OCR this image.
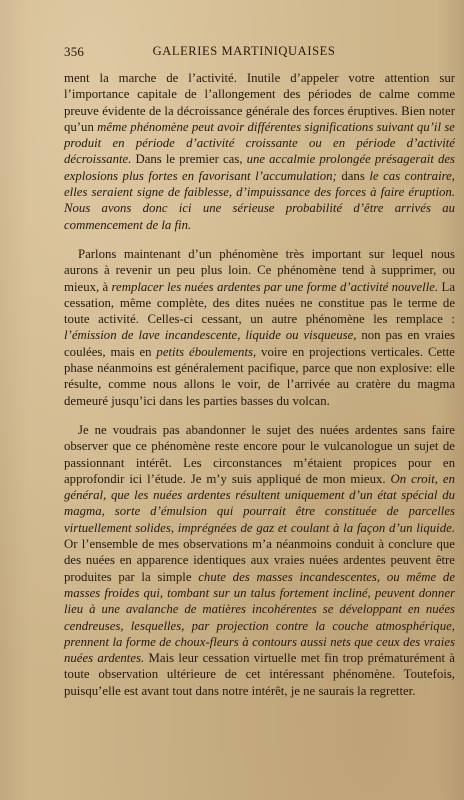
356	GALERIES MARTINIQUAISES

ment la marche de l’activité. Inutile d’appeler votre attention sur l’importance capitale de l’allongement des périodes de calme comme preuve évidente de la décroissance générale des forces éruptives. Bien noter qu’un même phénomène peut avoir différentes significations suivant qu’il se produit en période d’activité croissante ou en période d’activité décroissante. Dans le premier cas, une accalmie prolongée présagerait des explosions plus fortes en favorisant l’accumulation; dans le cas contraire, elles seraient signe de faiblesse, d’impuissance des forces à faire éruption. Nous avons donc ici une sérieuse probabilité d’être arrivés au commencement de la fin.

Parlons maintenant d’un phénomène très important sur lequel nous aurons à revenir un peu plus loin. Ce phénomène tend à supprimer, ou mieux, à remplacer les nuées ardentes par une forme d’activité nouvelle. La cessation, même complète, des dites nuées ne constitue pas le terme de toute activité. Celles-ci cessant, un autre phénomène les remplace : l’émission de lave incandescente, liquide ou visqueuse, non pas en vraies coulées, mais en petits éboulements, voire en projections verticales. Cette phase néanmoins est généralement pacifique, parce que non explosive: elle résulte, comme nous allons le voir, de l’arrivée au cratère du magma demeuré jusqu’ici dans les parties basses du volcan.

Je ne voudrais pas abandonner le sujet des nuées ardentes sans faire observer que ce phénomène reste encore pour le vulcanologue un sujet de passionnant intérêt. Les circonstances m’étaient propices pour en approfondir ici l’étude. Je m’y suis appliqué de mon mieux. On croit, en général, que les nuées ardentes résultent uniquement d’un état spécial du magma, sorte d’émulsion qui pourrait être constituée de parcelles virtuellement solides, imprégnées de gaz et coulant à la façon d’un liquide. Or l’ensemble de mes observations m’a néanmoins conduit à conclure que des nuées en apparence identiques aux vraies nuées ardentes peuvent être produites par la simple chute des masses incandescentes, ou même de masses froides qui, tombant sur un talus fortement incliné, peuvent donner lieu à une avalanche de matières incohérentes se développant en nuées cendreuses, lesquelles, par projection contre la couche atmosphérique, prennent la forme de choux-fleurs à contours aussi nets que ceux des vraies nuées ardentes. Mais leur cessation virtuelle met fin trop prématurément à toute observation ultérieure de cet intéressant phénomène. Toutefois, puisqu’elle est avant tout dans notre intérêt, je ne saurais la regretter.
